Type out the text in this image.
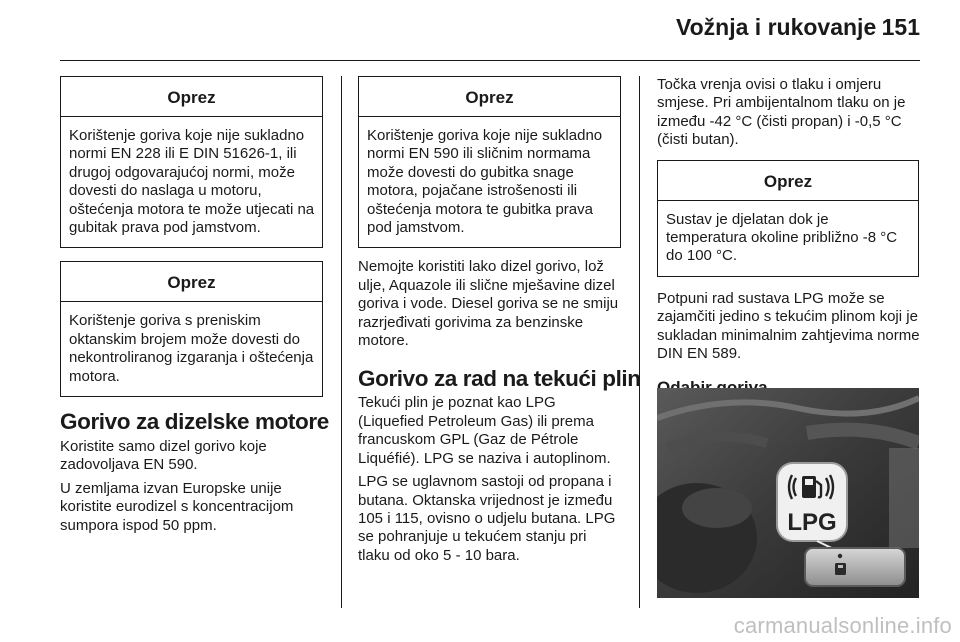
Vožnja i rukovanje 151
Oprez
Korištenje goriva koje nije sukladno normi EN 228 ili E DIN 51626-1, ili drugoj odgovarajućoj normi, može dovesti do naslaga u motoru, oštećenja motora te može utjecati na gubitak prava pod jamstvom.
Oprez
Korištenje goriva s preniskim oktanskim brojem može dovesti do nekontroliranog izgaranja i oštećenja motora.
Gorivo za dizelske motore

Koristite samo dizel gorivo koje zadovoljava EN 590.

U zemljama izvan Europske unije koristite eurodizel s koncentracijom sumpora ispod 50 ppm.

Oprez
Korištenje goriva koje nije sukladno normi EN 590 ili sličnim normama može dovesti do gubitka snage motora, pojačane istrošenosti ili oštećenja motora te gubitka prava pod jamstvom.

Nemojte koristiti lako dizel gorivo, lož ulje, Aquazole ili slične mješavine dizel goriva i vode. Diesel goriva se ne smiju razrjeđivati gorivima za benzinske motore.

Gorivo za rad na tekući plin

Tekući plin je poznat kao LPG (Liquefied Petroleum Gas) ili prema francuskom GPL (Gaz de Pétrole Liquéfié). LPG se naziva i autoplinom.

LPG se uglavnom sastoji od propana i butana. Oktanska vrijednost je između 105 i 115, ovisno o udjelu butana. LPG se pohranjuje u tekućem stanju pri tlaku od oko 5 - 10 bara.

Točka vrenja ovisi o tlaku i omjeru smjese. Pri ambijentalnom tlaku on je između -42 °C (čisti propan) i -0,5 °C (čisti butan).

Oprez
Sustav je djelatan dok je temperatura okoline približno -8 °C do 100 °C.

Potpuni rad sustava LPG može se zajamčiti jedino s tekućim plinom koji je sukladan minimalnim zahtjevima norme DIN EN 589.

LPG
carmanualsonline.info
